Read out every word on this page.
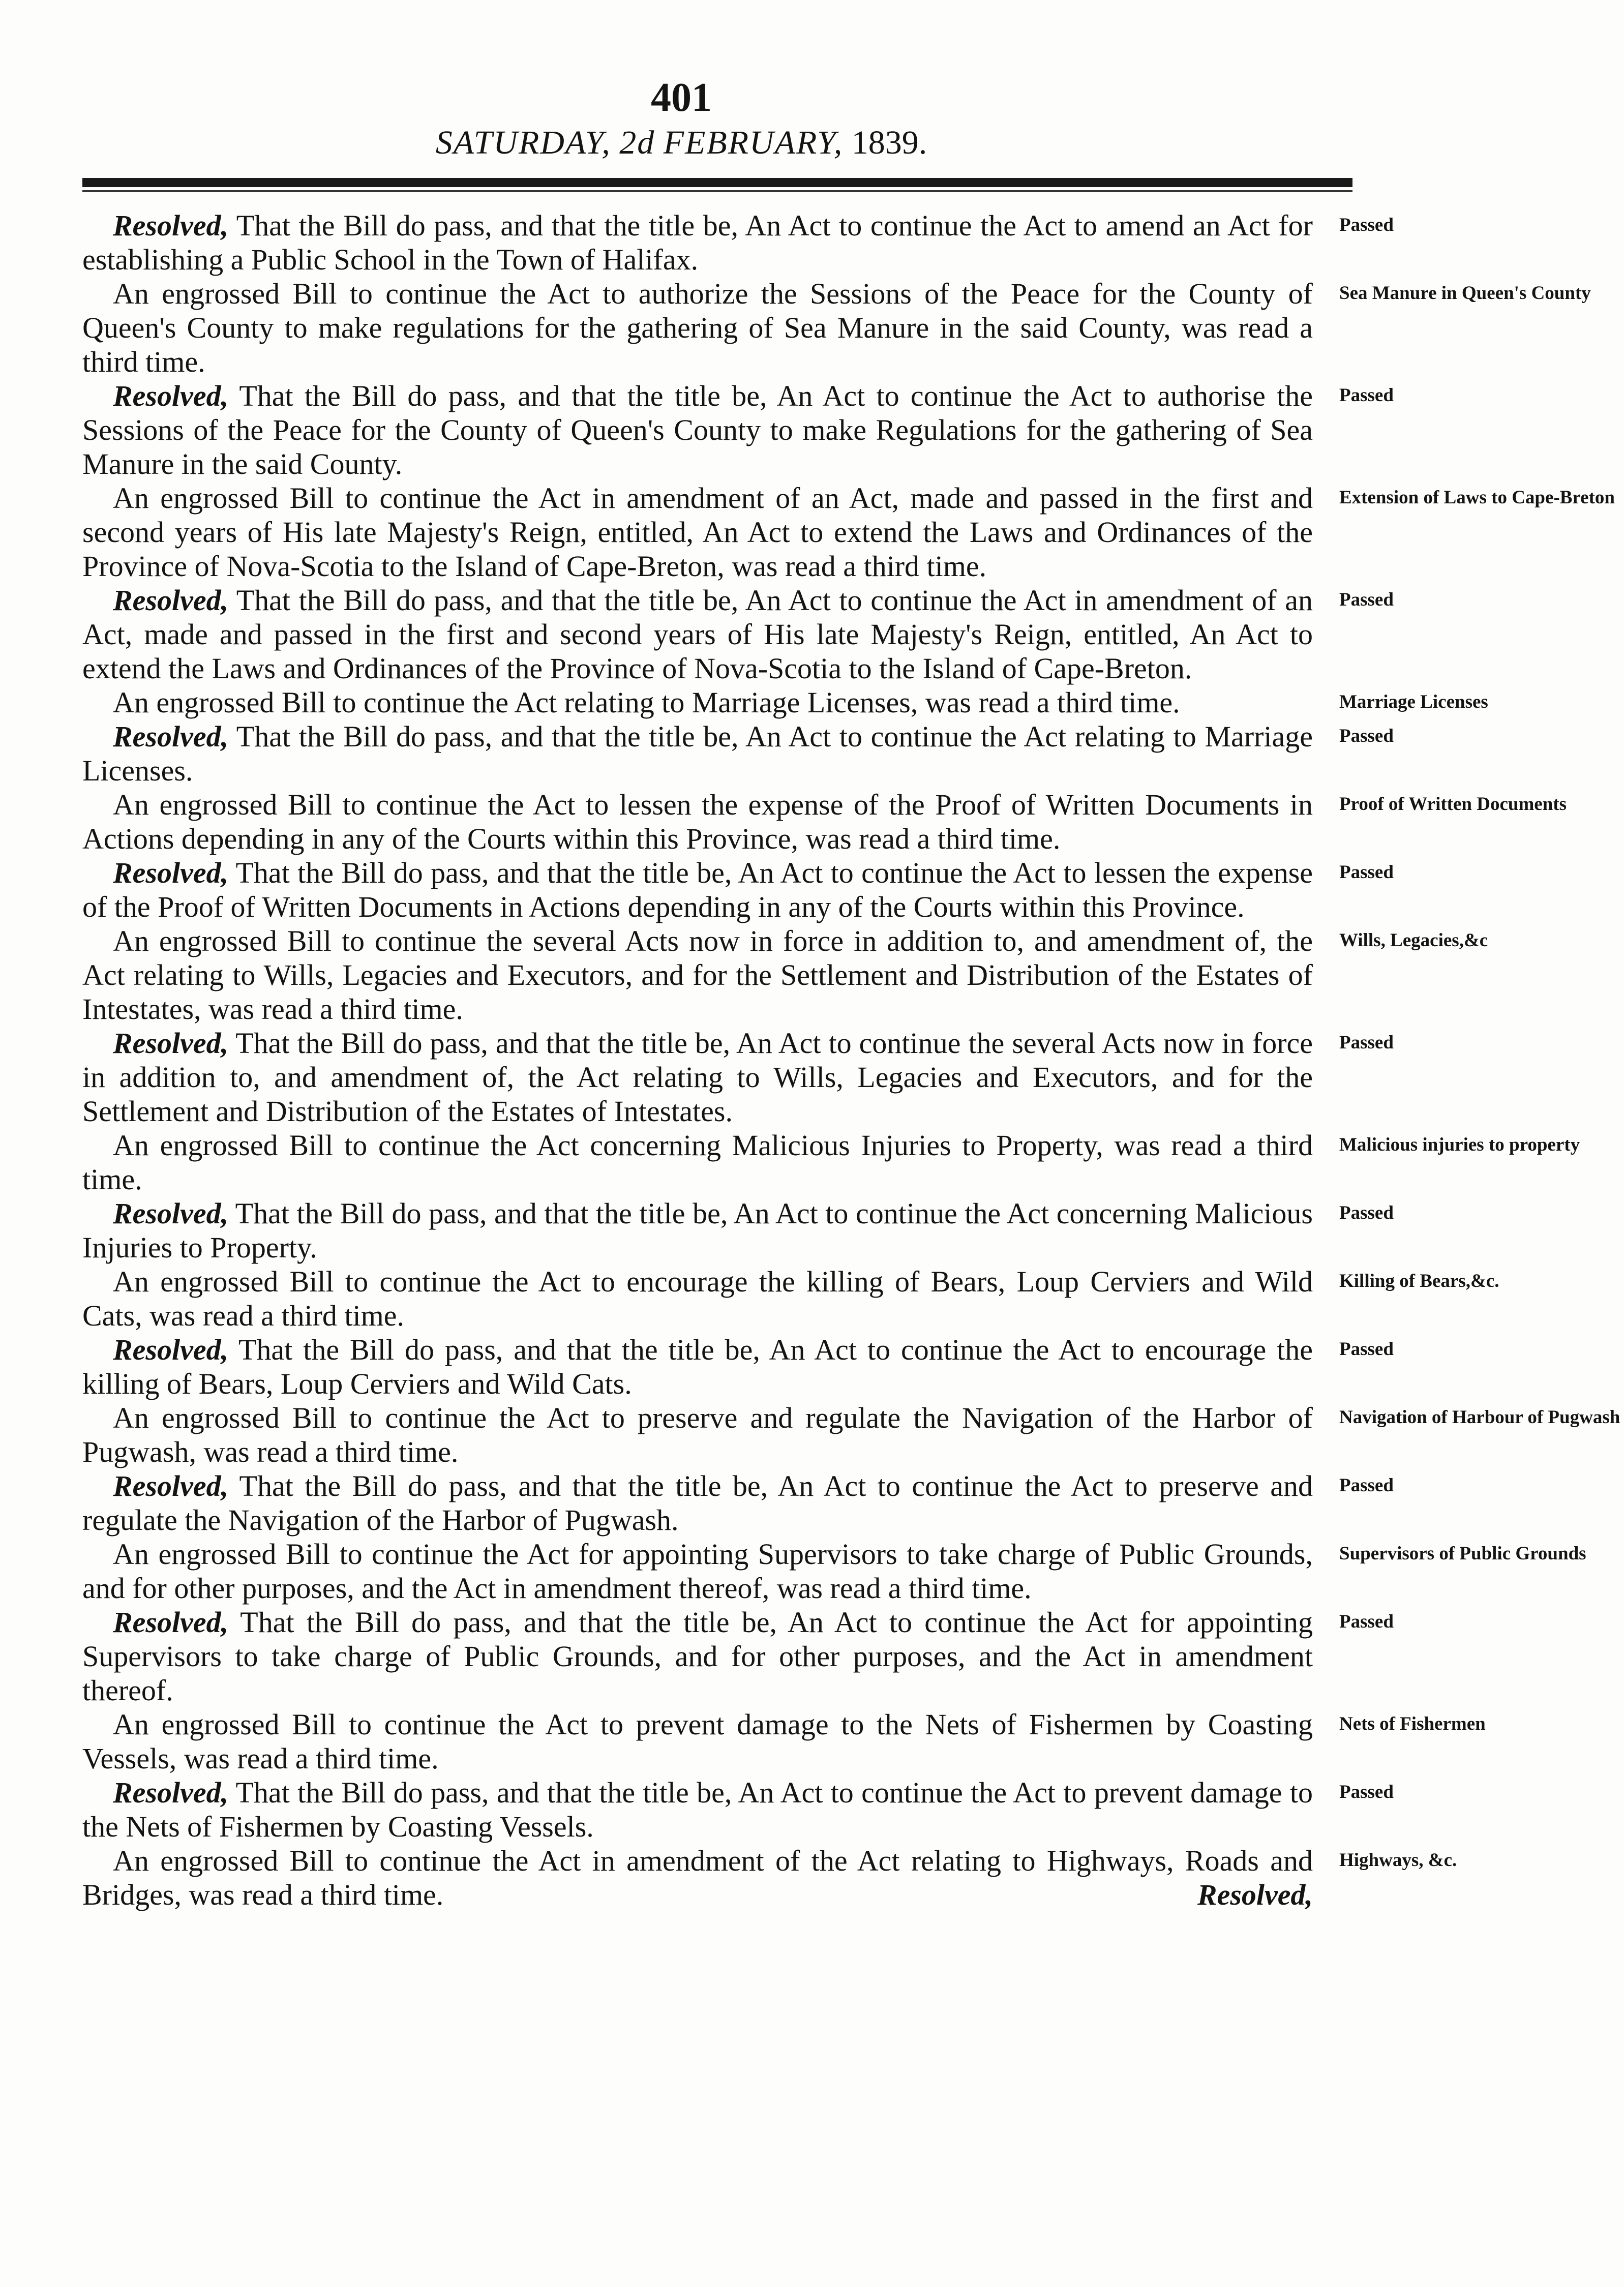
401
SATURDAY, 2d FEBRUARY, 1839.

Resolved, That the Bill do pass, and that the title be, An Act to continue the Act to amend an Act for establishing a Public School in the Town of Halifax.

Passed

An engrossed Bill to continue the Act to authorize the Sessions of the Peace for the County of Queen's County to make regulations for the gathering of Sea Manure in the said County, was read a third time.

Sea Manure in Queen's County

Resolved, That the Bill do pass, and that the title be, An Act to continue the Act to authorise the Sessions of the Peace for the County of Queen's County to make Regulations for the gathering of Sea Manure in the said County.

Passed

An engrossed Bill to continue the Act in amendment of an Act, made and passed in the first and second years of His late Majesty's Reign, entitled, An Act to extend the Laws and Ordinances of the Province of Nova-Scotia to the Island of Cape-Breton, was read a third time.

Extension of Laws to Cape-Breton

Resolved, That the Bill do pass, and that the title be, An Act to continue the Act in amendment of an Act, made and passed in the first and second years of His late Majesty's Reign, entitled, An Act to extend the Laws and Ordinances of the Province of Nova-Scotia to the Island of Cape-Breton.

Passed

An engrossed Bill to continue the Act relating to Marriage Licenses, was read a third time.	Marriage Licenses

Resolved, That the Bill do pass, and that the title be, An Act to continue the Act relating to Marriage Licenses.

Passed

An engrossed Bill to continue the Act to lessen the expense of the Proof of Written Documents in Actions depending in any of the Courts within this Province, was read a third time.

Proof of Written Documents

Resolved, That the Bill do pass, and that the title be, An Act to continue the Act to lessen the expense of the Proof of Written Documents in Actions depending in any of the Courts within this Province.

Passed

An engrossed Bill to continue the several Acts now in force in addition to, and amendment of, the Act relating to Wills, Legacies and Executors, and for the Settlement and Distribution of the Estates of Intestates, was read a third time.

Wills, Legacies,&c

Resolved, That the Bill do pass, and that the title be, An Act to continue the several Acts now in force in addition to, and amendment of, the Act relating to Wills, Legacies and Executors, and for the Settlement and Distribution of the Estates of Intestates.

Passed

An engrossed Bill to continue the Act concerning Malicious Injuries to Property, was read a third time.

Malicious injuries to property

Resolved, That the Bill do pass, and that the title be, An Act to continue the Act concerning Malicious Injuries to Property.

Passed

An engrossed Bill to continue the Act to encourage the killing of Bears, Loup Cerviers and Wild Cats, was read a third time.

Killing of Bears,&c.

Resolved, That the Bill do pass, and that the title be, An Act to continue the Act to encourage the killing of Bears, Loup Cerviers and Wild Cats.

Passed

An engrossed Bill to continue the Act to preserve and regulate the Navigation of the Harbor of Pugwash, was read a third time.

Navigation of Harbour of Pugwash

Resolved, That the Bill do pass, and that the title be, An Act to continue the Act to preserve and regulate the Navigation of the Harbor of Pugwash.

Passed

An engrossed Bill to continue the Act for appointing Supervisors to take charge of Public Grounds, and for other purposes, and the Act in amendment thereof, was read a third time.

Supervisors of Public Grounds

Resolved, That the Bill do pass, and that the title be, An Act to continue the Act for appointing Supervisors to take charge of Public Grounds, and for other purposes, and the Act in amendment thereof.

Passed

An engrossed Bill to continue the Act to prevent damage to the Nets of Fishermen by Coasting Vessels, was read a third time.

Nets of Fishermen

Resolved, That the Bill do pass, and that the title be, An Act to continue the Act to prevent damage to the Nets of Fishermen by Coasting Vessels.

Passed

An engrossed Bill to continue the Act in amendment of the Act relating to Highways, Roads and Bridges, was read a third time.	Resolved,

Highways, &c.
